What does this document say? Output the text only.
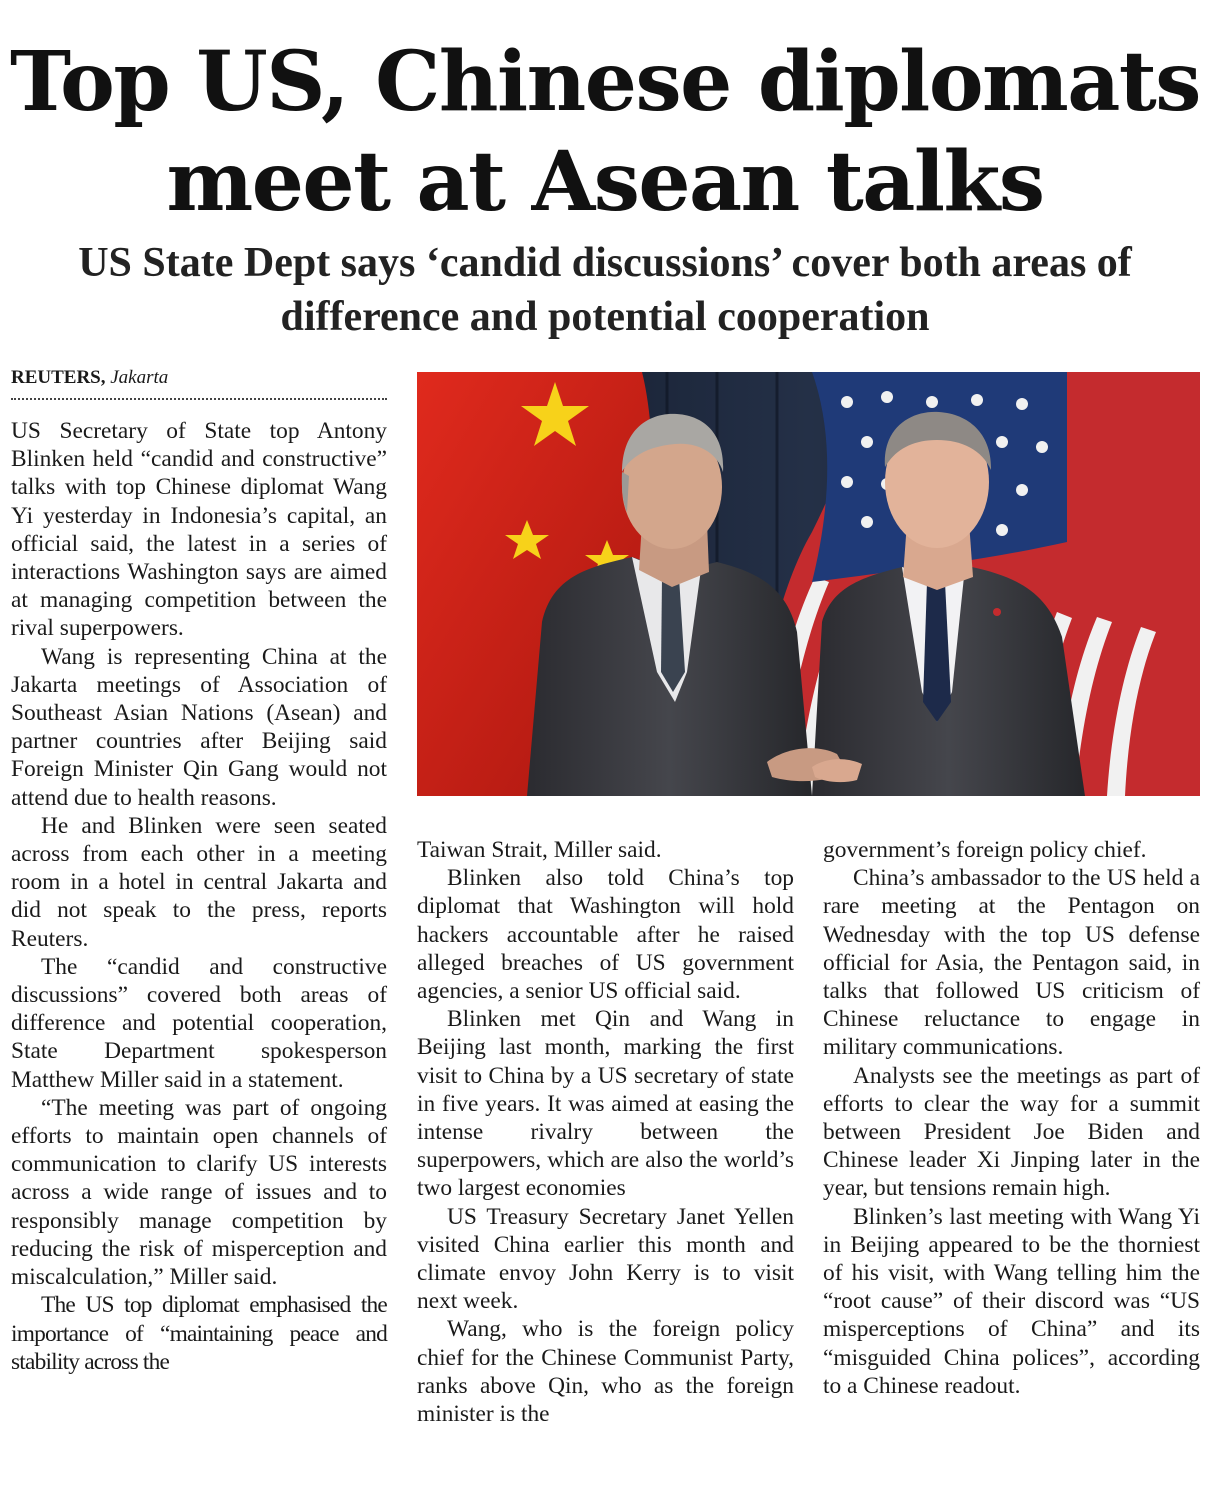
Top US, Chinese diplomats
meet at Asean talks
US State Dept says ‘candid discussions’ cover both areas of
difference and potential cooperation
REUTERS, Jakarta

US Secretary of State top Antony Blinken held “candid and constructive” talks with top Chinese diplomat Wang Yi yesterday in Indonesia’s capital, an official said, the latest in a series of interactions Washington says are aimed at managing competition between the rival superpowers.

Wang is representing China at the Jakarta meetings of Association of Southeast Asian Nations (Asean) and partner countries after Beijing said Foreign Minister Qin Gang would not attend due to health reasons.

He and Blinken were seen seated across from each other in a meeting room in a hotel in central Jakarta and did not speak to the press, reports Reuters.

The “candid and constructive discussions” covered both areas of difference and potential cooperation, State Department spokesperson Matthew Miller said in a statement.

“The meeting was part of ongoing efforts to maintain open channels of communication to clarify US interests across a wide range of issues and to responsibly manage competition by reducing the risk of misperception and miscalculation,” Miller said.

The US top diplomat emphasised the importance of “maintaining peace and stability across the

Taiwan Strait, Miller said.

Blinken also told China’s top diplomat that Washington will hold hackers accountable after he raised alleged breaches of US government agencies, a senior US official said.

Blinken met Qin and Wang in Beijing last month, marking the first visit to China by a US secretary of state in five years. It was aimed at easing the intense rivalry between the superpowers, which are also the world’s two largest economies

US Treasury Secretary Janet Yellen visited China earlier this month and climate envoy John Kerry is to visit next week.

Wang, who is the foreign policy chief for the Chinese Communist Party, ranks above Qin, who as the foreign minister is the

government’s foreign policy chief.

China’s ambassador to the US held a rare meeting at the Pentagon on Wednesday with the top US defense official for Asia, the Pentagon said, in talks that followed US criticism of Chinese reluctance to engage in military communications.

Analysts see the meetings as part of efforts to clear the way for a summit between President Joe Biden and Chinese leader Xi Jinping later in the year, but tensions remain high.

Blinken’s last meeting with Wang Yi in Beijing appeared to be the thorniest of his visit, with Wang telling him the “root cause” of their discord was “US misperceptions of China” and its “misguided China polices”, according to a Chinese readout.
